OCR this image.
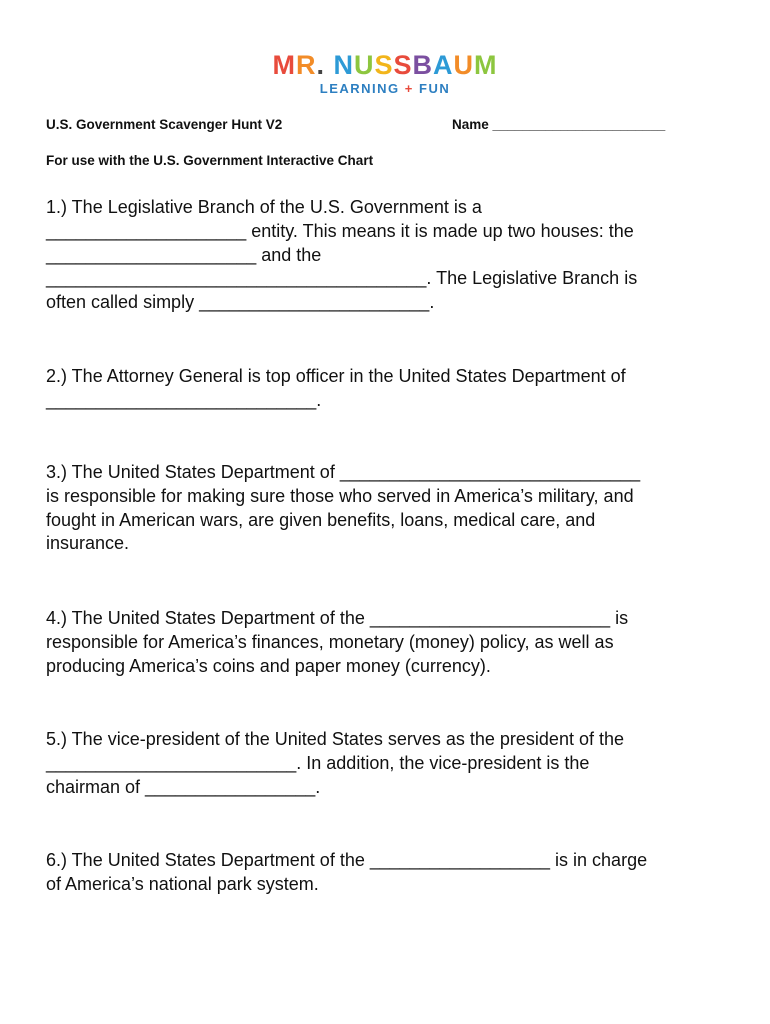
MR. NUSSBAUM
LEARNING + FUN
U.S. Government Scavenger Hunt V2	Name _______________________
For use with the U.S. Government Interactive Chart
1.) The Legislative Branch of the U.S. Government is a
____________________ entity. This means it is made up two houses: the
_____________________ and the
______________________________________. The Legislative Branch is
often called simply _______________________.
2.) The Attorney General is top officer in the United States Department of
___________________________.
3.) The United States Department of ______________________________
is responsible for making sure those who served in America’s military, and
fought in American wars, are given benefits, loans, medical care, and
insurance.
4.) The United States Department of the ________________________ is
responsible for America’s finances, monetary (money) policy, as well as
producing America’s coins and paper money (currency).
5.) The vice-president of the United States serves as the president of the
_________________________. In addition, the vice-president is the
chairman of _________________.
6.) The United States Department of the __________________ is in charge
of America’s national park system.
